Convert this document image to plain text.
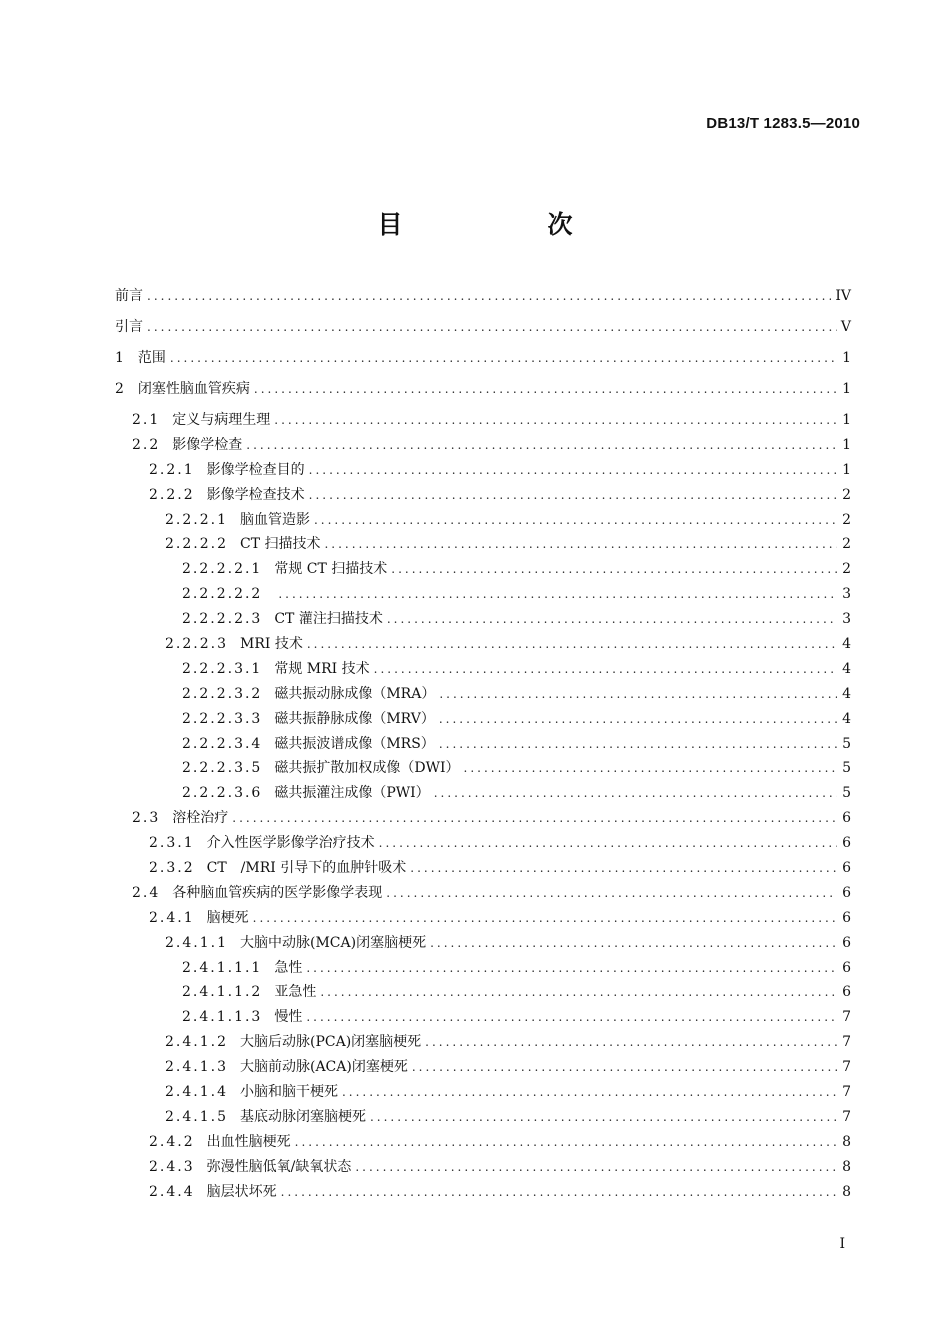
DB13/T 1283.5—2010
目　次
前言 .....	IV
引言 .....	V
1 范围 .....	1
2 闭塞性脑血管疾病 .....	1
2.1 定义与病理生理 .....	1
2.2 影像学检查 .....	1
2.2.1 影像学检查目的 .....	1
2.2.2 影像学检查技术 .....	2
2.2.2.1 脑血管造影 .....	2
2.2.2.2 CT 扫描技术 .....	2
2.2.2.2.1 常规 CT 扫描技术 .....	2
2.2.2.2.2 .....	3
2.2.2.2.3 CT 灌注扫描技术 .....	3
2.2.2.3 MRI 技术 .....	4
2.2.2.3.1 常规 MRI 技术 .....	4
2.2.2.3.2 磁共振动脉成像（MRA） .....	4
2.2.2.3.3 磁共振静脉成像（MRV） .....	4
2.2.2.3.4 磁共振波谱成像（MRS） .....	5
2.2.2.3.5 磁共振扩散加权成像（DWI） .....	5
2.2.2.3.6 磁共振灌注成像（PWI） .....	5
2.3 溶栓治疗 .....	6
2.3.1 介入性医学影像学治疗技术 .....	6
2.3.2 CT　/MRI 引导下的血肿针吸术 .....	6
2.4 各种脑血管疾病的医学影像学表现 .....	6
2.4.1 脑梗死 .....	6
2.4.1.1 大脑中动脉(MCA)闭塞脑梗死 .....	6
2.4.1.1.1 急性 .....	6
2.4.1.1.2 亚急性 .....	6
2.4.1.1.3 慢性 .....	7
2.4.1.2 大脑后动脉(PCA)闭塞脑梗死 .....	7
2.4.1.3 大脑前动脉(ACA)闭塞梗死 .....	7
2.4.1.4 小脑和脑干梗死 .....	7
2.4.1.5 基底动脉闭塞脑梗死 .....	7
2.4.2 出血性脑梗死 .....	8
2.4.3 弥漫性脑低氧/缺氧状态 .....	8
2.4.4 脑层状坏死 .....	8
I
